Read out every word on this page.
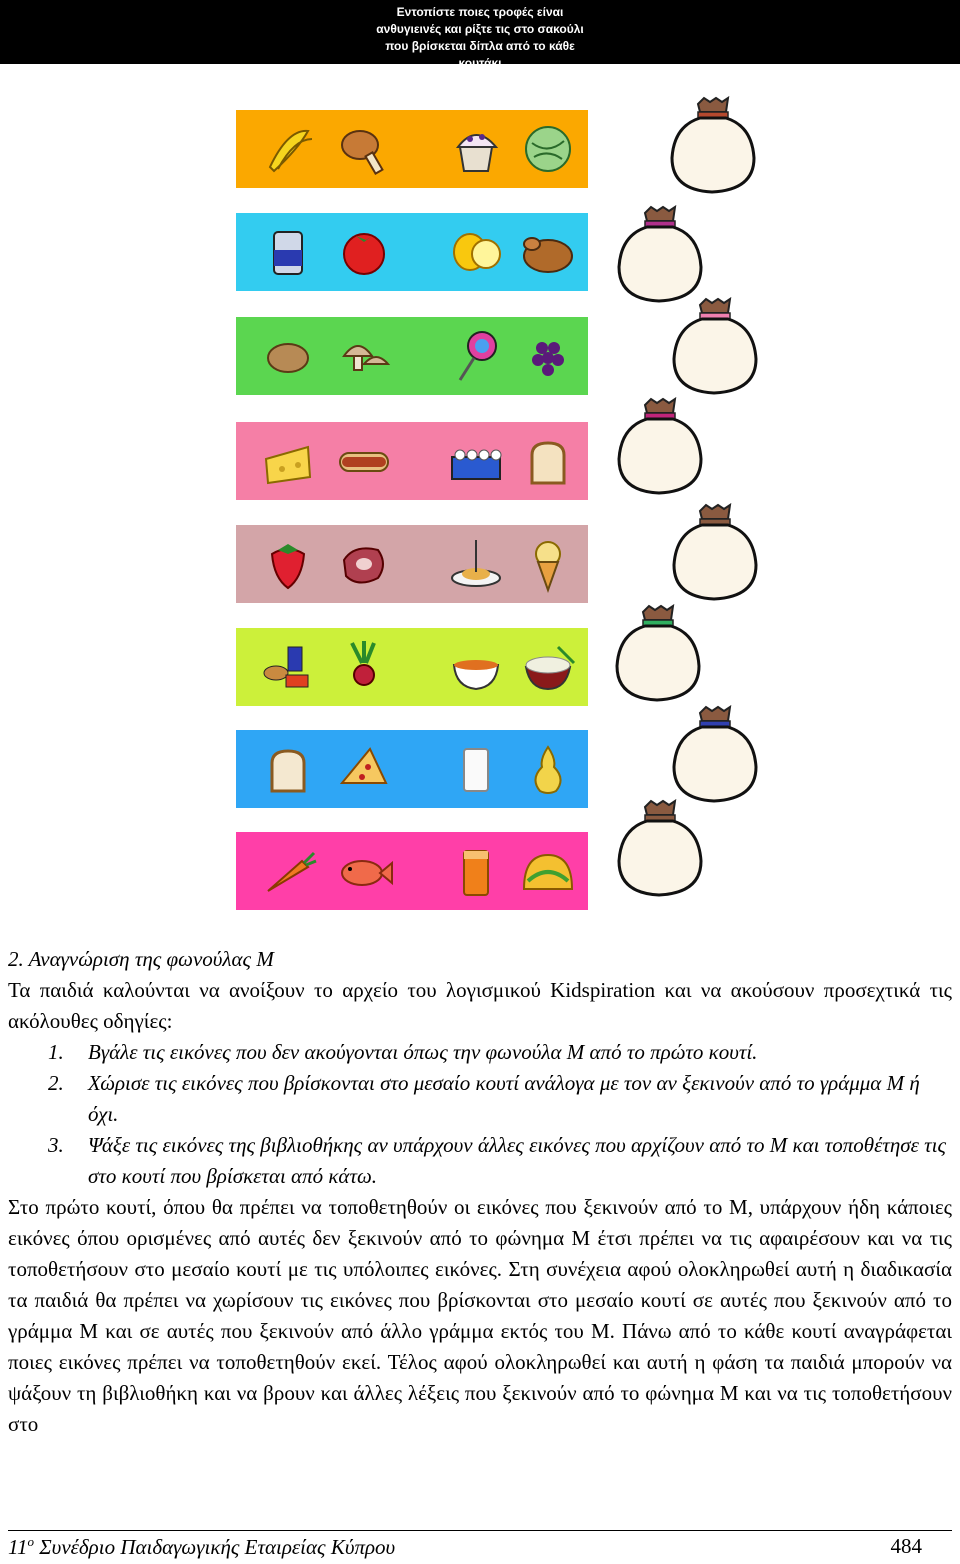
Εντοπίστε ποιες τροφές είναι
ανθυγιεινές και ρίξτε τις στο σακούλι
που βρίσκεται δίπλα από το κάθε
κουτάκι

2. Αναγνώριση της φωνούλας Μ

Τα παιδιά καλούνται να ανοίξουν το αρχείο του λογισμικού Kidspiration και να ακούσουν προσεχτικά τις ακόλουθες οδηγίες:

1. Βγάλε τις εικόνες που δεν ακούγονται όπως την φωνούλα Μ από το πρώτο κουτί.
2. Χώρισε τις εικόνες που βρίσκονται στο μεσαίο κουτί ανάλογα με τον αν ξεκινούν από το γράμμα Μ ή όχι.
3. Ψάξε τις εικόνες της βιβλιοθήκης αν υπάρχουν άλλες εικόνες που αρχίζουν από το Μ και τοποθέτησε τις στο κουτί που βρίσκεται από κάτω.

Στο πρώτο κουτί, όπου θα πρέπει να τοποθετηθούν οι εικόνες που ξεκινούν από το Μ, υπάρχουν ήδη κάποιες εικόνες όπου ορισμένες από αυτές δεν ξεκινούν από το φώνημα Μ έτσι πρέπει να τις αφαιρέσουν και να τις τοποθετήσουν στο μεσαίο κουτί με τις υπόλοιπες εικόνες. Στη συνέχεια αφού ολοκληρωθεί αυτή η διαδικασία τα παιδιά θα πρέπει να χωρίσουν τις εικόνες που βρίσκονται στο μεσαίο κουτί σε αυτές που ξεκινούν από το γράμμα Μ και σε αυτές που ξεκινούν από άλλο γράμμα εκτός του Μ. Πάνω από το κάθε κουτί αναγράφεται ποιες εικόνες πρέπει να τοποθετηθούν εκεί. Τέλος αφού ολοκληρωθεί και αυτή η φάση τα παιδιά μπορούν να ψάξουν τη βιβλιοθήκη και να βρουν και άλλες λέξεις που ξεκινούν από το φώνημα Μ και να τις τοποθετήσουν στο

$11^o$ Συνέδριο Παιδαγωγικής Εταιρείας Κύπρου	484
